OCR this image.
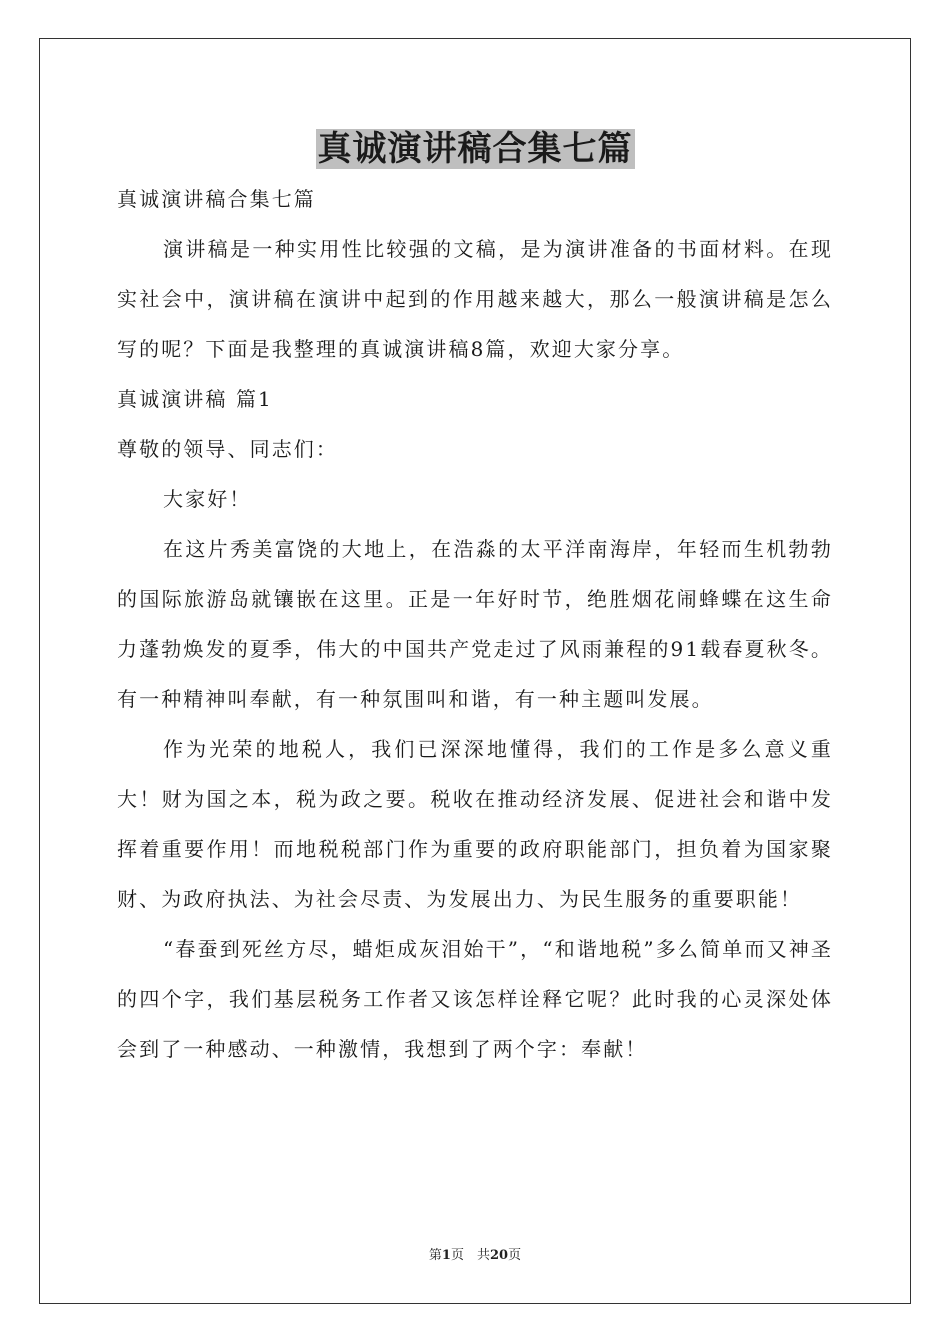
真诚演讲稿合集七篇

真诚演讲稿合集七篇

演讲稿是一种实用性比较强的文稿，是为演讲准备的书面材料。在现实社会中，演讲稿在演讲中起到的作用越来越大，那么一般演讲稿是怎么写的呢？下面是我整理的真诚演讲稿8篇，欢迎大家分享。

真诚演讲稿 篇1

尊敬的领导、同志们：

大家好！

在这片秀美富饶的大地上，在浩淼的太平洋南海岸，年轻而生机勃勃的国际旅游岛就镶嵌在这里。正是一年好时节，绝胜烟花闹蜂蝶在这生命力蓬勃焕发的夏季，伟大的中国共产党走过了风雨兼程的91载春夏秋冬。有一种精神叫奉献，有一种氛围叫和谐，有一种主题叫发展。

作为光荣的地税人，我们已深深地懂得，我们的工作是多么意义重大！财为国之本，税为政之要。税收在推动经济发展、促进社会和谐中发挥着重要作用！而地税税部门作为重要的政府职能部门，担负着为国家聚财、为政府执法、为社会尽责、为发展出力、为民生服务的重要职能！

“春蚕到死丝方尽，蜡炬成灰泪始干”，“和谐地税”多么简单而又神圣的四个字，我们基层税务工作者又该怎样诠释它呢？此时我的心灵深处体会到了一种感动、一种激情，我想到了两个字：奉献！

第1页　共20页
